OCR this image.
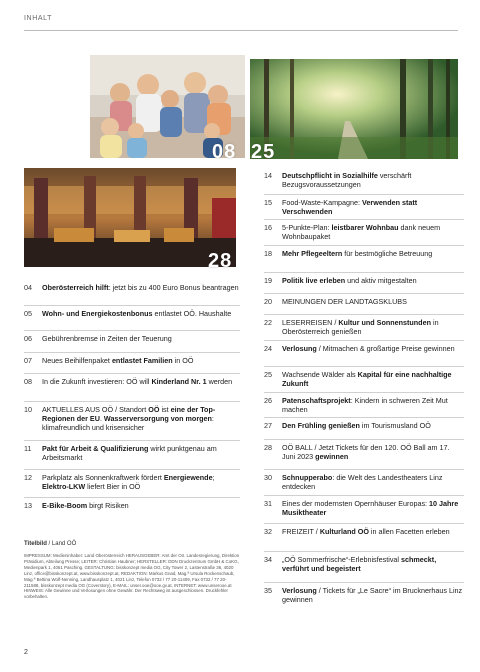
INHALT
08 25
28
04	Oberösterreich hilft: jetzt bis zu 400 Euro Bonus beantragen
05	Wohn- und Energiekostenbonus entlastet OÖ. Haushalte
06	Gebührenbremse in Zeiten der Teuerung
07	Neues Beihilfenpaket entlastet Familien in OÖ
08	In die Zukunft investieren: OÖ will Kinderland Nr. 1 werden
10	AKTUELLES AUS OÖ / Standort OÖ ist eine der Top-Regionen der EU. Wasserversorgung von morgen: klimafreundlich und krisensicher
11	Pakt für Arbeit & Qualifizierung wirkt punktgenau am Arbeitsmarkt
12	Parkplatz als Sonnenkraftwerk fördert Energiewende; Elektro-LKW liefert Bier in OÖ
13	E-Bike-Boom birgt Risiken
14	Deutschpflicht in Sozialhilfe verschärft Bezugsvoraussetzungen
15	Food-Waste-Kampagne: Verwenden statt Verschwenden
16	5-Punkte-Plan: leistbarer Wohnbau dank neuem Wohnbaupaket
18	Mehr Pflegeeltern für bestmögliche Betreuung
19	Politik live erleben und aktiv mitgestalten
20	MEINUNGEN DER LANDTAGSKLUBS
22	LESERREISEN / Kultur und Sonnenstunden in Oberösterreich genießen
24	Verlosung / Mitmachen & großartige Preise gewinnen
25	Wachsende Wälder als Kapital für eine nachhaltige Zukunft
26	Patenschaftsprojekt: Kindern in schweren Zeit Mut machen
27	Den Frühling genießen im Tourismusland OÖ
28	OÖ BALL / Jetzt Tickets für den 120. OÖ Ball am 17. Juni 2023 gewinnen
30	Schnupperabo: die Welt des Landestheaters Linz entdecken
31	Eines der modernsten Opernhäuser Europas: 10 Jahre Musiktheater
32	FREIZEIT / Kulturland OÖ in allen Facetten erleben
34	„OÖ Sommerfrische“-Erlebnisfestival schmeckt, verführt und begeistert
35	Verlosung / Tickets für „Le Sacre“ im Brucknerhaus Linz gewinnen
Titelbild / Land OÖ
IMPRESSUM: Medieninhaber: Land Oberösterreich HERAUSGEBER: Amt der Oö. Landesregierung, Direktion Präsidium, Abteilung Presse; LEITER: Christian Haubner; HERSTELLER: DDN Druckzentrum GmbH & CoKG, Medienpark 1, 4061 Pasching. GESTALTUNG: bisskonzept media OG, City Tower 2, Lastenstraße 36, 4020 Linz, office@bisskonzept.at, www.bisskonzept.at, REDAKTION: Markus Gnad, Mag.ª Ursula Rockenschaub, Mag.ª Bettina Wolf-Nenning, Landhausplatz 1, 4021 Linz, Telefon 0732 / 77 20-11409, Fax 0732 / 77 20-211588, bisskonzept media OG (Coverstory), E-MAIL: unser.ooe@ooe.gv.at, INTERNET: www.unserooe.at HINWEIS: Alle Gewinne und Verlosungen ohne Gewähr. Der Rechtsweg ist ausgeschlossen. Druckfehler vorbehalten.
2
